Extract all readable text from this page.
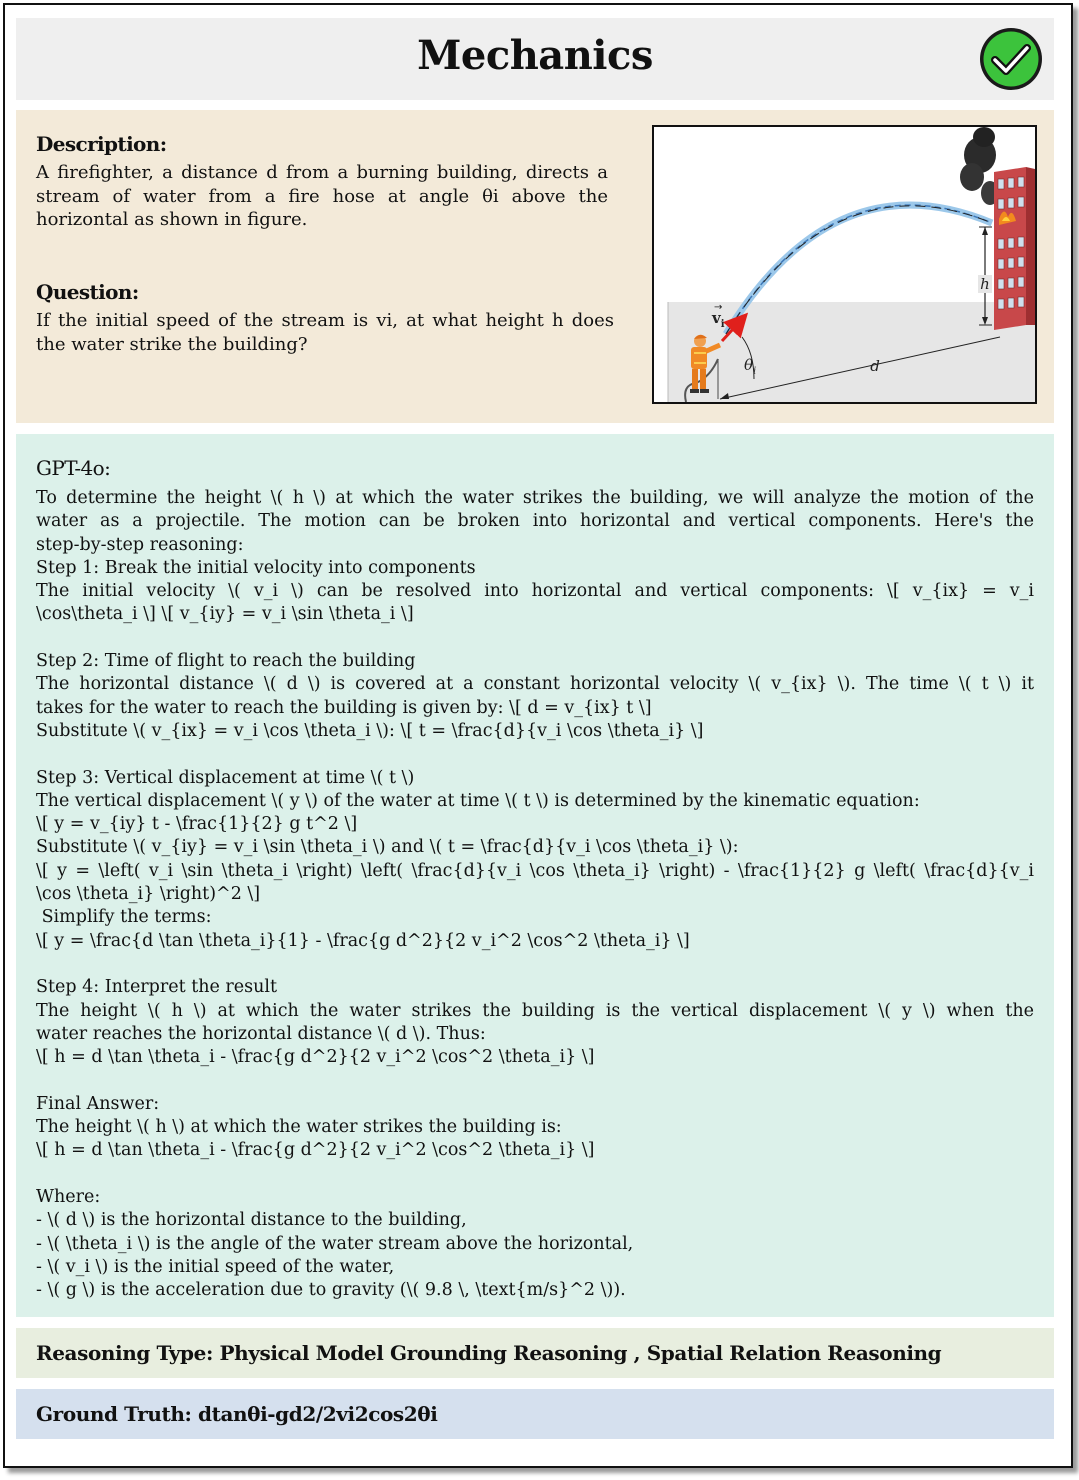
Mechanics
Description:
A firefighter, a distance d from a burning building, directs a stream of water from a fire hose at angle θi above the horizontal as shown in figure.
Question:
If the initial speed of the stream is vi, at what height h does the water strike the building?
h
d
$\theta_i$
$v_i$
→
GPT-4o:
To determine the height \( h \) at which the water strikes the building, we will analyze the motion of the
water as a projectile. The motion can be broken into horizontal and vertical components. Here's the
step-by-step reasoning:
Step 1: Break the initial velocity into components
The initial velocity \( v_i \) can be resolved into horizontal and vertical components: \[ v_{ix} = v_i
\cos\theta_i \] \[ v_{iy} = v_i \sin \theta_i \]
Step 2: Time of flight to reach the building
The horizontal distance \( d \) is covered at a constant horizontal velocity \( v_{ix} \). The time \( t \) it
takes for the water to reach the building is given by: \[ d = v_{ix} t \]
Substitute \( v_{ix} = v_i \cos \theta_i \): \[ t = \frac{d}{v_i \cos \theta_i} \]
Step 3: Vertical displacement at time \( t \)
The vertical displacement \( y \) of the water at time \( t \) is determined by the kinematic equation:
\[ y = v_{iy} t - \frac{1}{2} g t^2 \]
Substitute \( v_{iy} = v_i \sin \theta_i \) and \( t = \frac{d}{v_i \cos \theta_i} \):
\[ y = \left( v_i \sin \theta_i \right) \left( \frac{d}{v_i \cos \theta_i} \right) - \frac{1}{2} g \left( \frac{d}{v_i
\cos \theta_i} \right)^2 \]
Simplify the terms:
\[ y = \frac{d \tan \theta_i}{1} - \frac{g d^2}{2 v_i^2 \cos^2 \theta_i} \]
Step 4: Interpret the result
The height \( h \) at which the water strikes the building is the vertical displacement \( y \) when the
water reaches the horizontal distance \( d \). Thus:
\[ h = d \tan \theta_i - \frac{g d^2}{2 v_i^2 \cos^2 \theta_i} \]
Final Answer:
The height \( h \) at which the water strikes the building is:
\[ h = d \tan \theta_i - \frac{g d^2}{2 v_i^2 \cos^2 \theta_i} \]
Where:
- \( d \) is the horizontal distance to the building,
- \( \theta_i \) is the angle of the water stream above the horizontal,
- \( v_i \) is the initial speed of the water,
- \( g \) is the acceleration due to gravity (\( 9.8 \, \text{m/s}^2 \)).
Reasoning Type: Physical Model Grounding Reasoning , Spatial Relation Reasoning
Ground Truth: dtanθi-gd2/2vi2cos2θi
